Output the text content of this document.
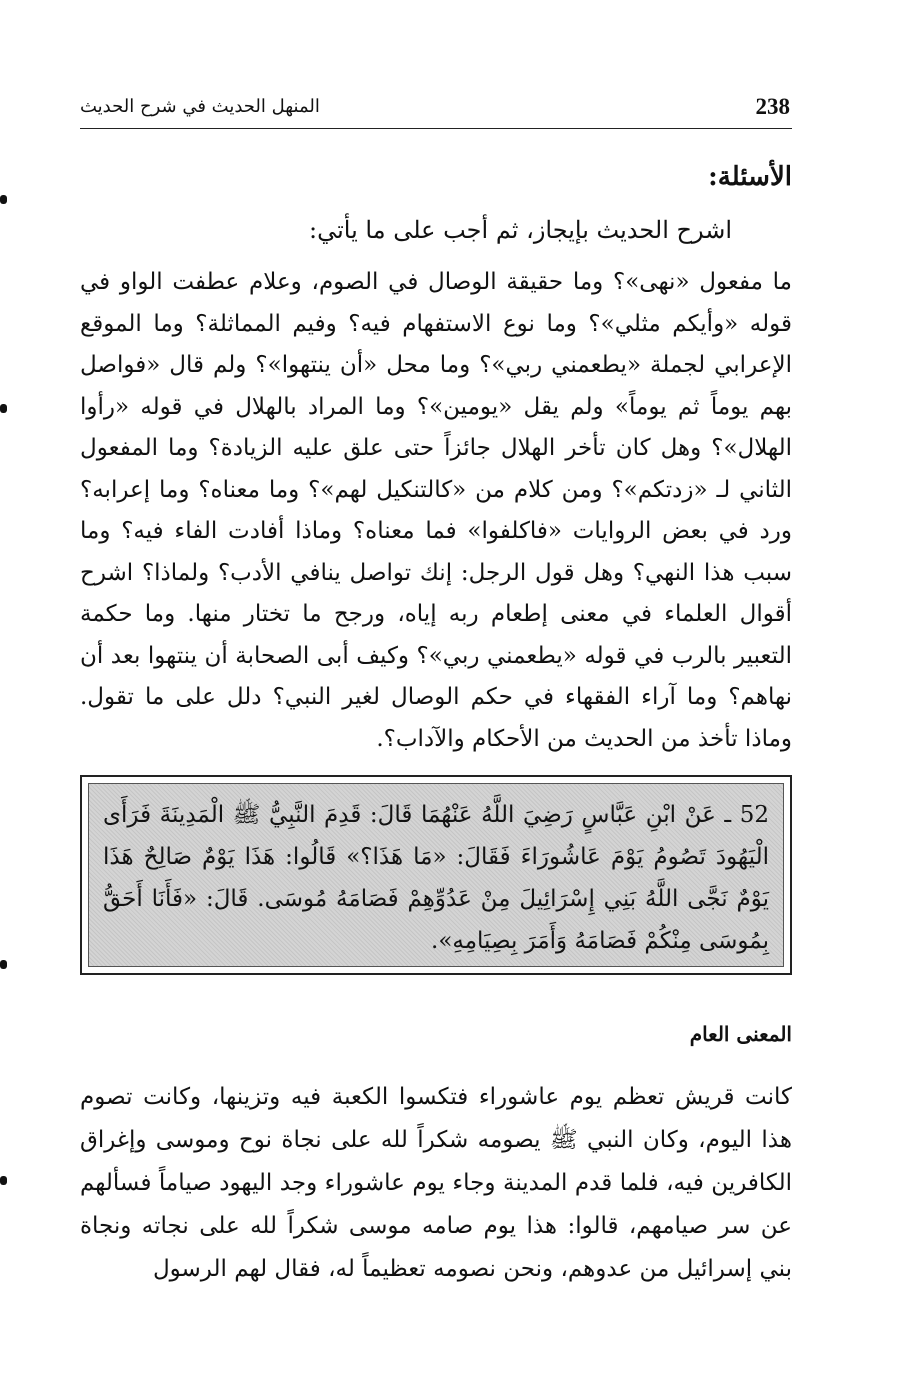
238
المنهل الحديث في شرح الحديث
الأسئلة:
اشرح الحديث بإيجاز، ثم أجب على ما يأتي:
ما مفعول «نهى»؟ وما حقيقة الوصال في الصوم، وعلام عطفت الواو في قوله «وأيكم مثلي»؟ وما نوع الاستفهام فيه؟ وفيم المماثلة؟ وما الموقع الإعرابي لجملة «يطعمني ربي»؟ وما محل «أن ينتهوا»؟ ولم قال «فواصل بهم يوماً ثم يوماً» ولم يقل «يومين»؟ وما المراد بالهلال في قوله «رأوا الهلال»؟ وهل كان تأخر الهلال جائزاً حتى علق عليه الزيادة؟ وما المفعول الثاني لـ «زدتكم»؟ ومن كلام من «كالتنكيل لهم»؟ وما معناه؟ وما إعرابه؟ ورد في بعض الروايات «فاكلفوا» فما معناه؟ وماذا أفادت الفاء فيه؟ وما سبب هذا النهي؟ وهل قول الرجل: إنك تواصل ينافي الأدب؟ ولماذا؟ اشرح أقوال العلماء في معنى إطعام ربه إياه، ورجح ما تختار منها. وما حكمة التعبير بالرب في قوله «يطعمني ربي»؟ وكيف أبى الصحابة أن ينتهوا بعد أن نهاهم؟ وما آراء الفقهاء في حكم الوصال لغير النبي؟ دلل على ما تقول. وماذا تأخذ من الحديث من الأحكام والآداب؟.
52 ـ عَنْ ابْنِ عَبَّاسٍ رَضِيَ اللَّهُ عَنْهُمَا قَالَ: قَدِمَ النَّبِيُّ ﷺ الْمَدِينَةَ فَرَأَى الْيَهُودَ تَصُومُ يَوْمَ عَاشُورَاءَ فَقَالَ: «مَا هَذَا؟» قَالُوا: هَذَا يَوْمٌ صَالِحٌ هَذَا يَوْمٌ نَجَّى اللَّهُ بَنِي إِسْرَائِيلَ مِنْ عَدُوِّهِمْ فَصَامَهُ مُوسَى. قَالَ: «فَأَنَا أَحَقُّ بِمُوسَى مِنْكُمْ فَصَامَهُ وَأَمَرَ بِصِيَامِهِ».
المعنى العام
كانت قريش تعظم يوم عاشوراء فتكسوا الكعبة فيه وتزينها، وكانت تصوم هذا اليوم، وكان النبي ﷺ يصومه شكراً لله على نجاة نوح وموسى وإغراق الكافرين فيه، فلما قدم المدينة وجاء يوم عاشوراء وجد اليهود صياماً فسألهم عن سر صيامهم، قالوا: هذا يوم صامه موسى شكراً لله على نجاته ونجاة بني إسرائيل من عدوهم، ونحن نصومه تعظيماً له، فقال لهم الرسول
